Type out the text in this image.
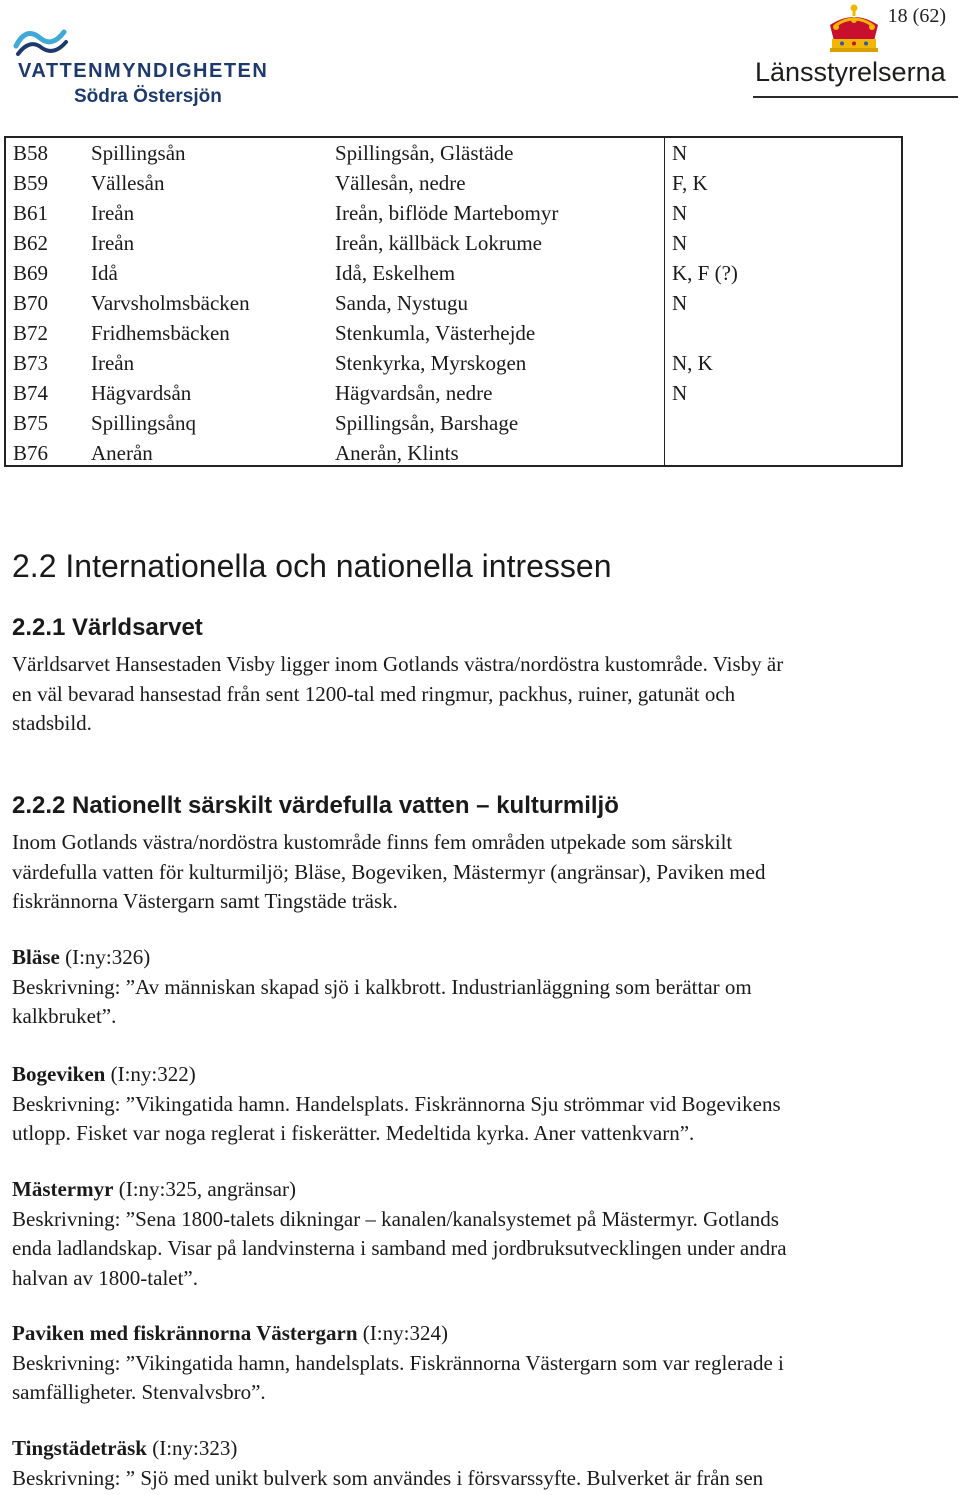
VATTENMYNDIGHETEN
Södra Östersjön
18 (62)
Länsstyrelserna
B58 Spillingsån	Spillingsån, Glästäde	N
B59 Vällesån	Vällesån, nedre	F, K
B61 Ireån	Ireån, biflöde Martebomyr	N
B62 Ireån	Ireån, källbäck Lokrume	N
B69 Idå	Idå, Eskelhem	K, F (?)
B70 Varvsholmsbäcken	Sanda, Nystugu	N
B72 Fridhemsbäcken	Stenkumla, Västerhejde
B73 Ireån	Stenkyrka, Myrskogen	N, K
B74 Hägvardsån	Hägvardsån, nedre	N
B75 Spillingsånq	Spillingsån, Barshage
B76 Anerån	Anerån, Klints
2.2 Internationella och nationella intressen
2.2.1 Världsarvet
Världsarvet Hansestaden Visby ligger inom Gotlands västra/nordöstra kustområde. Visby är
en väl bevarad hansestad från sent 1200-tal med ringmur, packhus, ruiner, gatunät och
stadsbild.
2.2.2 Nationellt särskilt värdefulla vatten – kulturmiljö
Inom Gotlands västra/nordöstra kustområde finns fem områden utpekade som särskilt
värdefulla vatten för kulturmiljö; Bläse, Bogeviken, Mästermyr (angränsar), Paviken med
fiskrännorna Västergarn samt Tingstäde träsk.
Bläse (I:ny:326)
Beskrivning: ”Av människan skapad sjö i kalkbrott. Industrianläggning som berättar om
kalkbruket”.
Bogeviken (I:ny:322)
Beskrivning: ”Vikingatida hamn. Handelsplats. Fiskrännorna Sju strömmar vid Bogevikens
utlopp. Fisket var noga reglerat i fiskerätter. Medeltida kyrka. Aner vattenkvarn”.
Mästermyr (I:ny:325, angränsar)
Beskrivning: ”Sena 1800-talets dikningar – kanalen/kanalsystemet på Mästermyr. Gotlands
enda ladlandskap. Visar på landvinsterna i samband med jordbruksutvecklingen under andra
halvan av 1800-talet”.
Paviken med fiskrännorna Västergarn (I:ny:324)
Beskrivning: ”Vikingatida hamn, handelsplats. Fiskrännorna Västergarn som var reglerade i
samfälligheter. Stenvalvsbro”.
Tingstädeträsk (I:ny:323)
Beskrivning: ” Sjö med unikt bulverk som användes i försvarssyfte. Bulverket är från sen
